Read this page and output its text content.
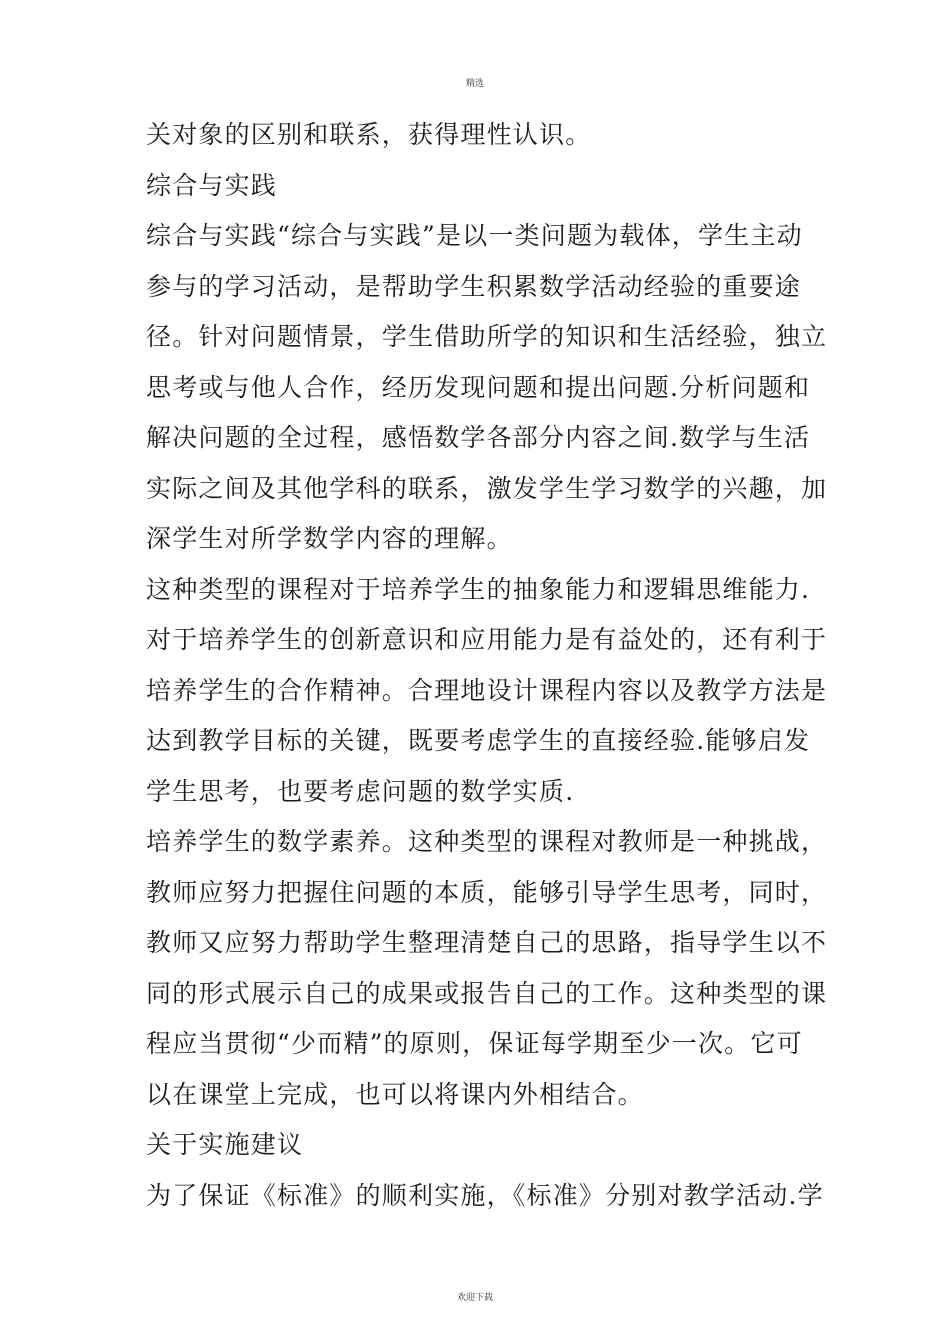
精选
关对象的区别和联系，获得理性认识。
综合与实践
综合与实践“综合与实践”是以一类问题为载体，学生主动
参与的学习活动，是帮助学生积累数学活动经验的重要途
径。针对问题情景，学生借助所学的知识和生活经验，独立
思考或与他人合作，经历发现问题和提出问题.分析问题和
解决问题的全过程，感悟数学各部分内容之间.数学与生活
实际之间及其他学科的联系，激发学生学习数学的兴趣，加
深学生对所学数学内容的理解。
这种类型的课程对于培养学生的抽象能力和逻辑思维能力.
对于培养学生的创新意识和应用能力是有益处的，还有利于
培养学生的合作精神。合理地设计课程内容以及教学方法是
达到教学目标的关键，既要考虑学生的直接经验.能够启发
学生思考，也要考虑问题的数学实质.
培养学生的数学素养。这种类型的课程对教师是一种挑战，
教师应努力把握住问题的本质，能够引导学生思考，同时，
教师又应努力帮助学生整理清楚自己的思路，指导学生以不
同的形式展示自己的成果或报告自己的工作。这种类型的课
程应当贯彻“少而精”的原则，保证每学期至少一次。它可
以在课堂上完成，也可以将课内外相结合。
关于实施建议
为了保证《标准》的顺利实施，《标准》分别对教学活动.学
欢迎下载
